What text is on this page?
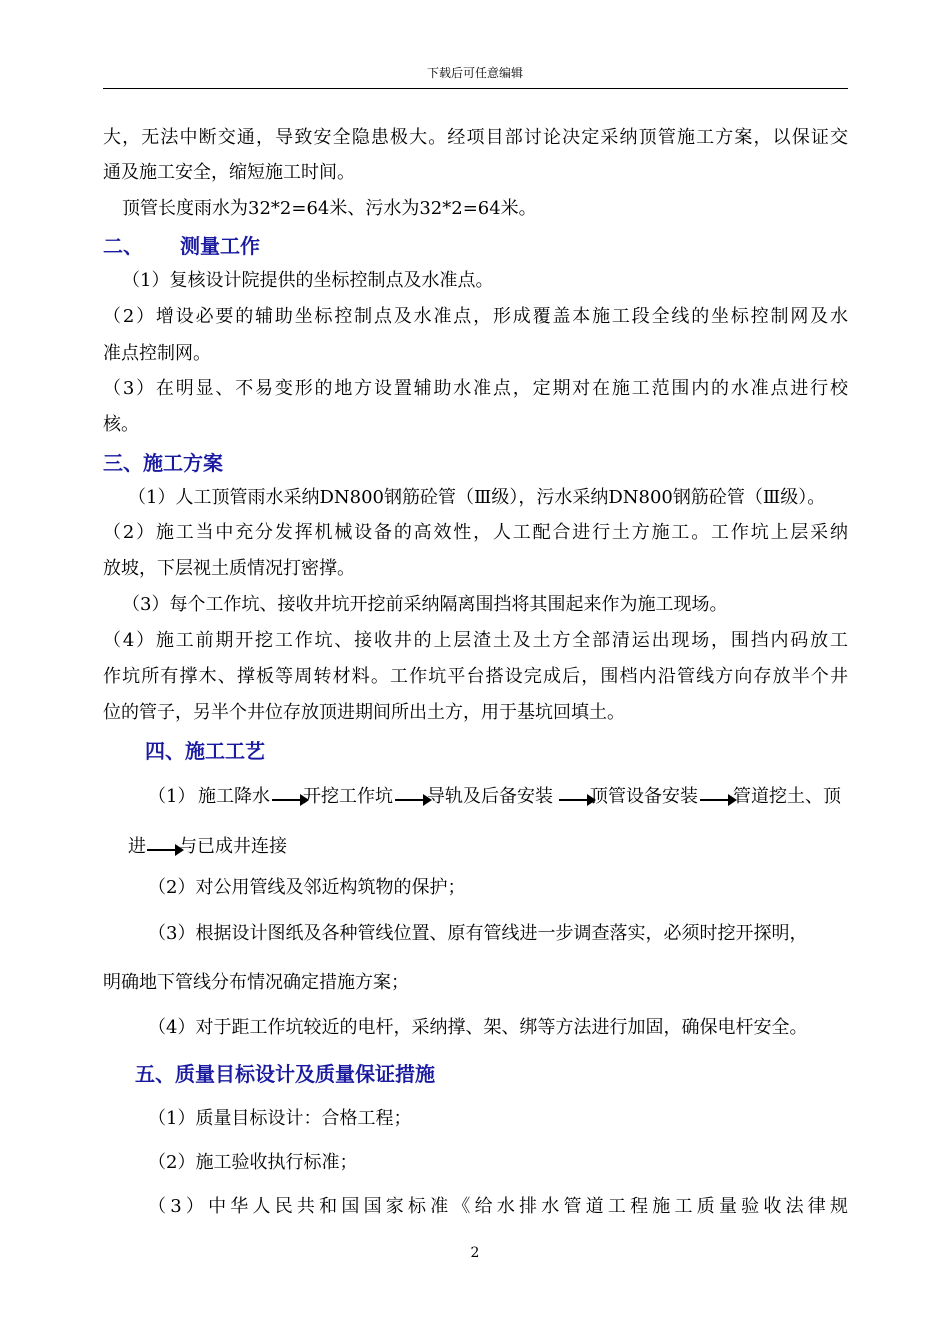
下载后可任意编辑
大，无法中断交通，导致安全隐患极大。经项目部讨论决定采纳顶管施工方案，以保证交
通及施工安全，缩短施工时间。
顶管长度雨水为32*2=64米、污水为32*2=64米。
二、 测量工作
（1）复核设计院提供的坐标控制点及水准点。
（2）增设必要的辅助坐标控制点及水准点，形成覆盖本施工段全线的坐标控制网及水
准点控制网。
（3）在明显、不易变形的地方设置辅助水准点，定期对在施工范围内的水准点进行校
核。
三、施工方案
（1）人工顶管雨水采纳DN800钢筋砼管（Ⅲ级），污水采纳DN800钢筋砼管（Ⅲ级）。
（2）施工当中充分发挥机械设备的高效性，人工配合进行土方施工。工作坑上层采纳
放坡，下层视土质情况打密撑。
（3）每个工作坑、接收井坑开挖前采纳隔离围挡将其围起来作为施工现场。
（4）施工前期开挖工作坑、接收井的上层渣土及土方全部清运出现场，围挡内码放工
作坑所有撑木、撑板等周转材料。工作坑平台搭设完成后，围档内沿管线方向存放半个井
位的管子，另半个井位存放顶进期间所出土方，用于基坑回填土。
四、施工工艺
（1） 施工降水 开挖工作坑 导轨及后备安装 顶管设备安装 管道挖土、顶
进 与已成井连接
（2）对公用管线及邻近构筑物的保护；
（3）根据设计图纸及各种管线位置、原有管线进一步调查落实，必须时挖开探明，
明确地下管线分布情况确定措施方案；
（4）对于距工作坑较近的电杆，采纳撑、架、绑等方法进行加固，确保电杆安全。
五、质量目标设计及质量保证措施
（1）质量目标设计：合格工程；
（2）施工验收执行标准；
（3）中华人民共和国国家标准《给水排水管道工程施工质量验收法律规
2
